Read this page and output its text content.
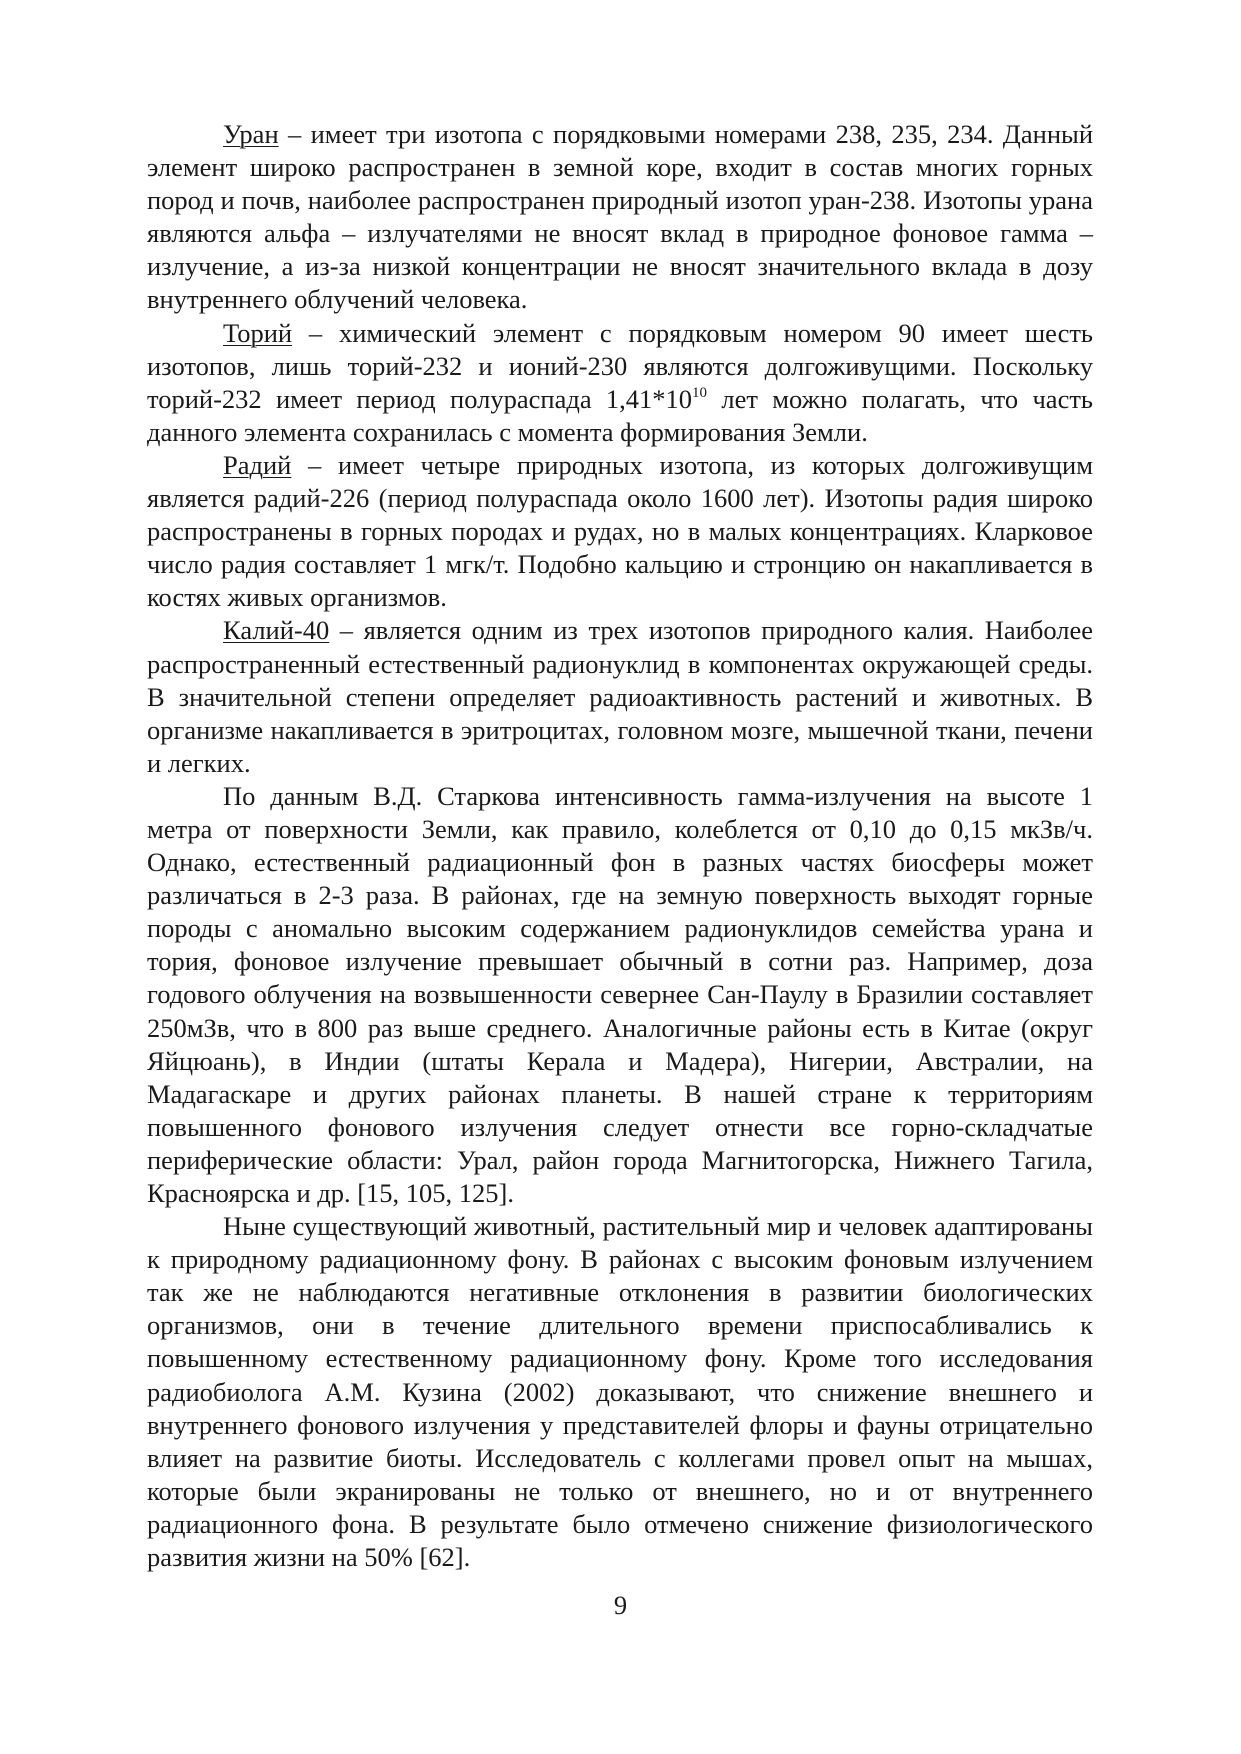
Уран – имеет три изотопа с порядковыми номерами 238, 235, 234. Данный элемент широко распространен в земной коре, входит в состав многих горных пород и почв, наиболее распространен природный изотоп уран-238. Изотопы урана являются альфа – излучателями не вносят вклад в природное фоновое гамма – излучение, а из-за низкой концентрации не вносят значительного вклада в дозу внутреннего облучений человека.

Торий – химический элемент с порядковым номером 90 имеет шесть изотопов, лишь торий-232 и ионий-230 являются долгоживущими. Поскольку торий-232 имеет период полураспада $1,41*10^{10}$ лет можно полагать, что часть данного элемента сохранилась с момента формирования Земли.

Радий – имеет четыре природных изотопа, из которых долгоживущим является радий-226 (период полураспада около 1600 лет). Изотопы радия широко распространены в горных породах и рудах, но в малых концентрациях. Кларковое число радия составляет 1 мгк/т. Подобно кальцию и стронцию он накапливается в костях живых организмов.

Калий-40 – является одним из трех изотопов природного калия. Наиболее распространенный естественный радионуклид в компонентах окружающей среды. В значительной степени определяет радиоактивность растений и животных. В организме накапливается в эритроцитах, головном мозге, мышечной ткани, печени и легких.

По данным В.Д. Старкова интенсивность гамма-излучения на высоте 1 метра от поверхности Земли, как правило, колеблется от 0,10 до 0,15 мкЗв/ч. Однако, естественный радиационный фон в разных частях биосферы может различаться в 2-3 раза. В районах, где на земную поверхность выходят горные породы с аномально высоким содержанием радионуклидов семейства урана и тория, фоновое излучение превышает обычный в сотни раз. Например, доза годового облучения на возвышенности севернее Сан-Паулу в Бразилии составляет 250мЗв, что в 800 раз выше среднего. Аналогичные районы есть в Китае (округ Яйцюань), в Индии (штаты Керала и Мадера), Нигерии, Австралии, на Мадагаскаре и других районах планеты. В нашей стране к территориям повышенного фонового излучения следует отнести все горно-складчатые периферические области: Урал, район города Магнитогорска, Нижнего Тагила, Красноярска и др. [15, 105, 125].

Ныне существующий животный, растительный мир и человек адаптированы к природному радиационному фону. В районах с высоким фоновым излучением так же не наблюдаются негативные отклонения в развитии биологических организмов, они в течение длительного времени приспосабливались к повышенному естественному радиационному фону. Кроме того исследования радиобиолога А.М. Кузина (2002) доказывают, что снижение внешнего и внутреннего фонового излучения у представителей флоры и фауны отрицательно влияет на развитие биоты. Исследователь с коллегами провел опыт на мышах, которые были экранированы не только от внешнего, но и от внутреннего радиационного фона. В результате было отмечено снижение физиологического развития жизни на 50% [62].

9
